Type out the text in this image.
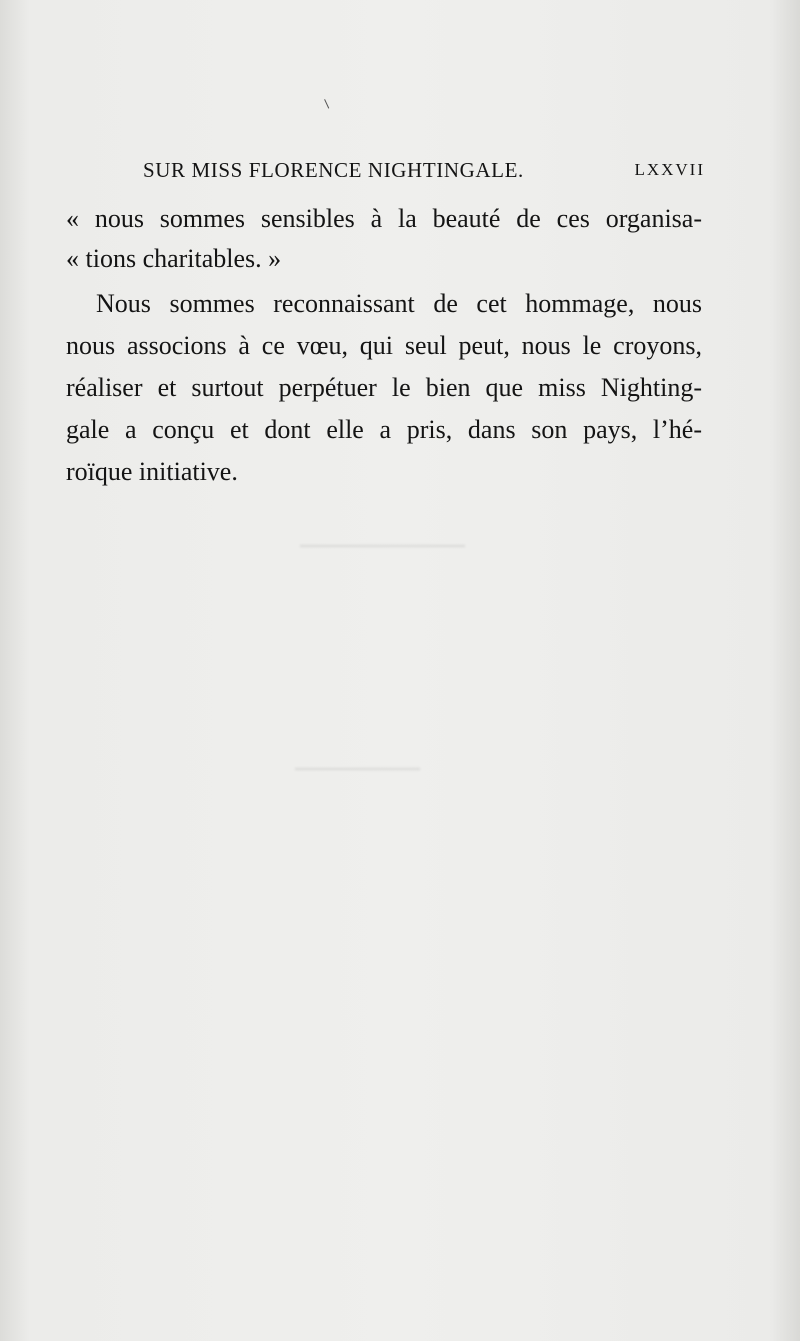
SUR MISS FLORENCE NIGHTINGALE.	LXXVII
« nous sommes sensibles à la beauté de ces organisa-
« tions charitables. »
Nous sommes reconnaissant de cet hommage, nous
nous associons à ce vœu, qui seul peut, nous le croyons,
réaliser et surtout perpétuer le bien que miss Nighting-
gale a conçu et dont elle a pris, dans son pays, l’hé-
roïque initiative.
